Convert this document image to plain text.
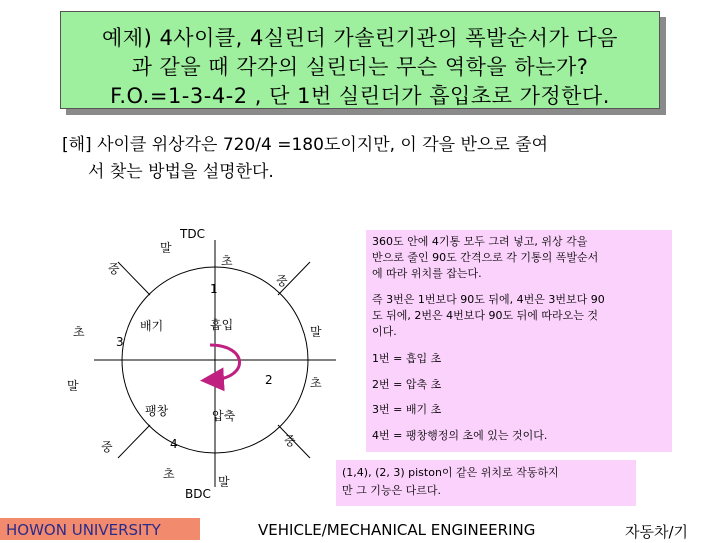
예제) 4사이클, 4실린더 가솔린기관의 폭발순서가 다음
과 같을 때 각각의 실린더는 무슨 역학을 하는가?
F.O.=1-3-4-2 , 단 1번 실린더가 흡입초로 가정한다.
[해] 사이클 위상각은 720/4 =180도이지만, 이 각을 반으로 줄여
서 찾는 방법을 설명한다.
TDC
BDC
말
초
중
중
초	말
말	초
중	중
초
말
1
2
3
4
흡입
배기
팽창	압축
360도 안에 4기통 모두 그려 넣고, 위상 각을
반으로 줄인 90도 간격으로 각 기통의 폭발순서
에 따라 위치를 잡는다.
즉 3번은 1번보다 90도 뒤에, 4번은 3번보다 90
도 뒤에, 2번은 4번보다 90도 뒤에 따라오는 것
이다.
1번 = 흡입 초
2번 = 압축 초
3번 = 배기 초
4번 = 팽창행정의 초에 있는 것이다.
(1,4), (2, 3) piston이 같은 위치로 작동하지
만 그 기능은 다르다.
HOWON UNIVERSITY	VEHICLE/MECHANICAL ENGINEERING	자동차/기
